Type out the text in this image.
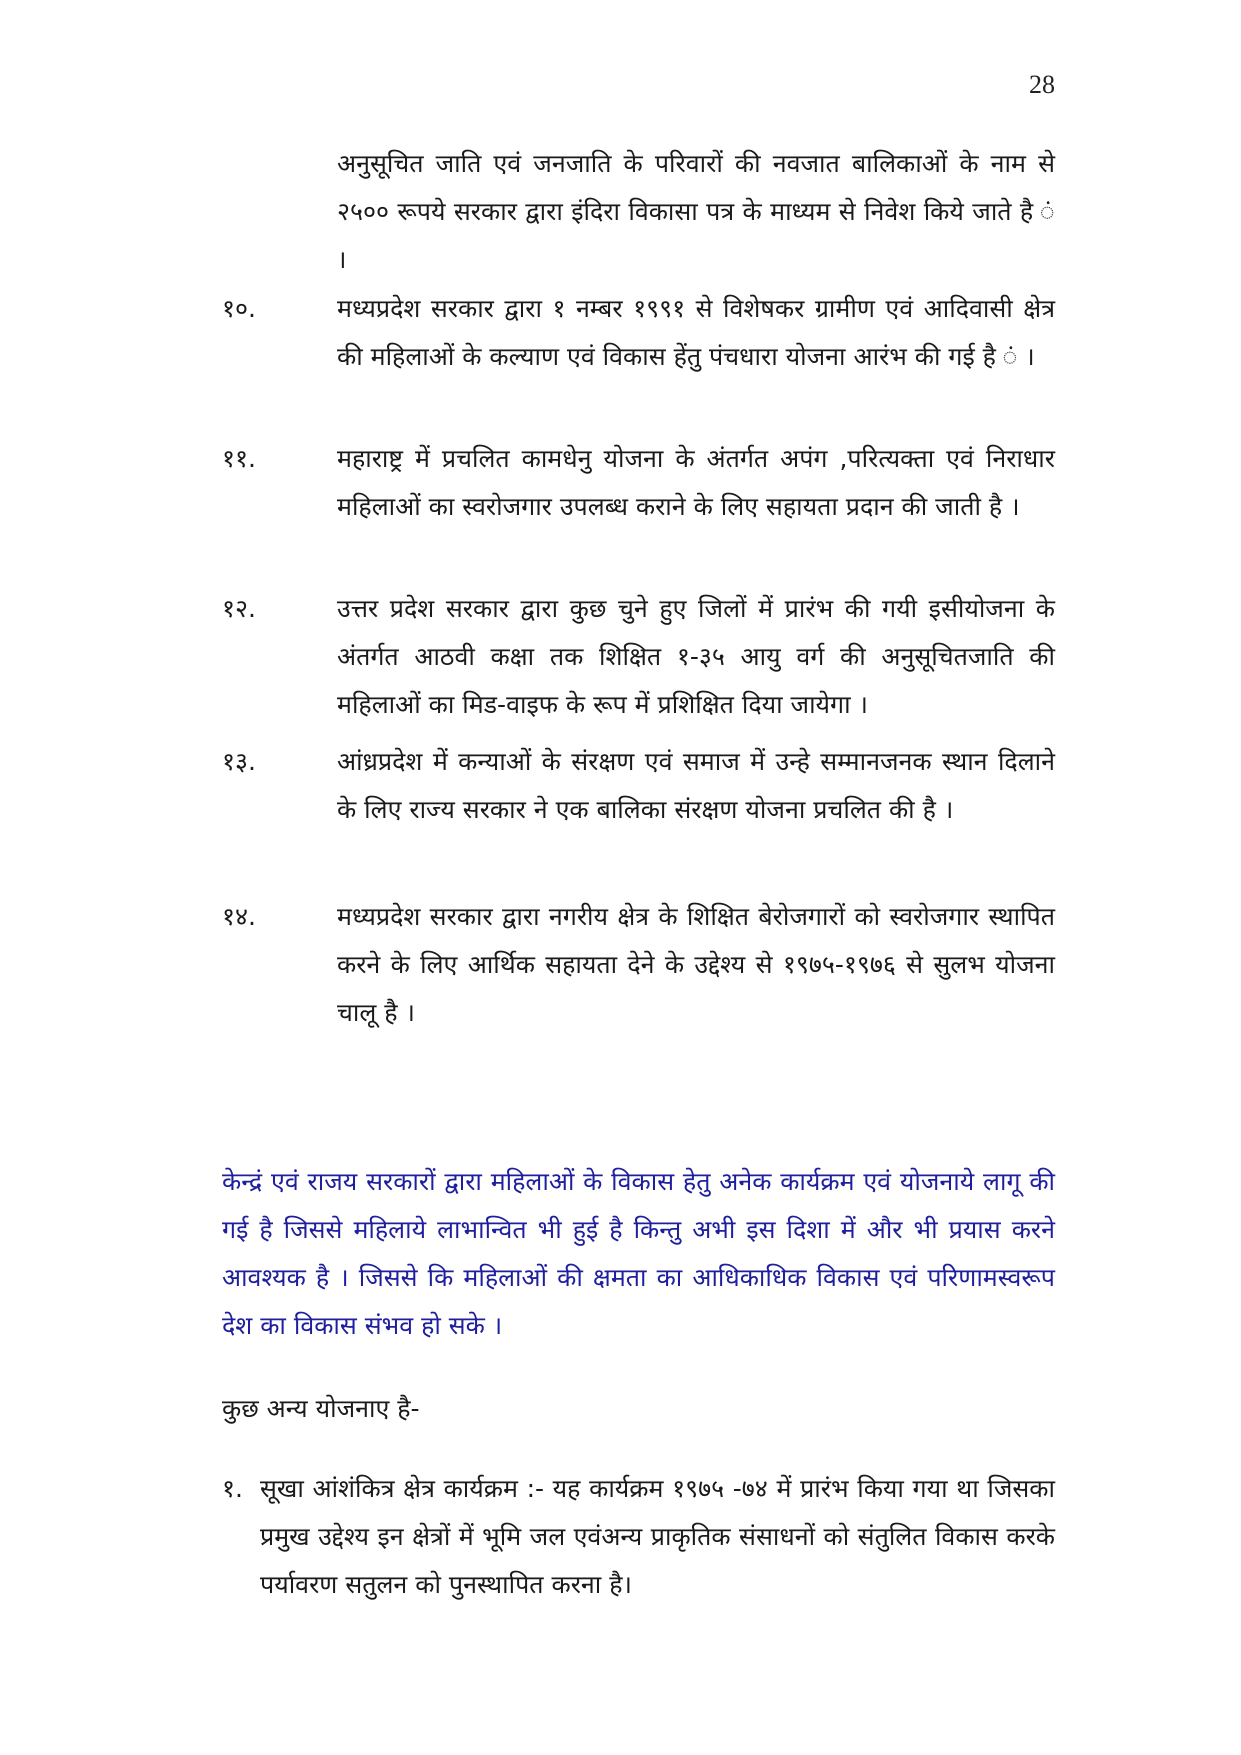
28
अनुसूचित जाति एवं जनजाति के परिवारों की नवजात बालिकाओं के नाम से २५०० रूपये सरकार द्वारा इंदिरा विकासा पत्र के माध्यम से निवेश किये जाते है ं ।
१०.	मध्यप्रदेश सरकार द्वारा १ नम्बर १९९१ से विशेषकर ग्रामीण एवं आदिवासी क्षेत्र की महिलाओं के कल्याण एवं विकास हेंतु पंचधारा योजना आरंभ की गई है ं ।
११.	महाराष्ट्र में प्रचलित कामधेनु योजना के अंतर्गत अपंग ,परित्यक्ता एवं निराधार महिलाओं का स्वरोजगार उपलब्ध कराने के लिए सहायता प्रदान की जाती है ।
१२.	उत्तर प्रदेश सरकार द्वारा कुछ चुने हुए जिलों में प्रारंभ की गयी इसीयोजना के अंतर्गत आठवी कक्षा तक शिक्षित १-३५ आयु वर्ग की अनुसूचितजाति की महिलाओं का मिड-वाइफ के रूप में प्रशिक्षित दिया जायेगा ।
१३.	आंध्रप्रदेश में कन्याओं के संरक्षण एवं समाज में उन्हे सम्मानजनक स्थान दिलाने के लिए राज्य सरकार ने एक बालिका संरक्षण योजना प्रचलित की है ।
१४.	मध्यप्रदेश सरकार द्वारा नगरीय क्षेत्र के शिक्षित बेरोजगारों को स्वरोजगार स्थापित करने के लिए आर्थिक सहायता देने के उद्देश्य से १९७५-१९७६ से सुलभ योजना चालू है ।
केन्द्रं एवं राजय सरकारों द्वारा महिलाओं के विकास हेतु अनेक कार्यक्रम एवं योजनाये लागू की गई है जिससे महिलाये लाभान्वित भी हुई है किन्तु अभी इस दिशा में और भी प्रयास करने आवश्यक है । जिससे कि महिलाओं की क्षमता का आधिकाधिक विकास एवं परिणामस्वरूप देश का विकास संभव हो सके ।
कुछ अन्य योजनाए है-
१. सूखा आंशंकित्र क्षेत्र कार्यक्रम :- यह कार्यक्रम १९७५ -७४ में प्रारंभ किया गया था जिसका प्रमुख उद्देश्य इन क्षेत्रों में भूमि जल एवंअन्य प्राकृतिक संसाधनों को संतुलित विकास करके पर्यावरण सतुलन को पुनस्थापित करना है।
